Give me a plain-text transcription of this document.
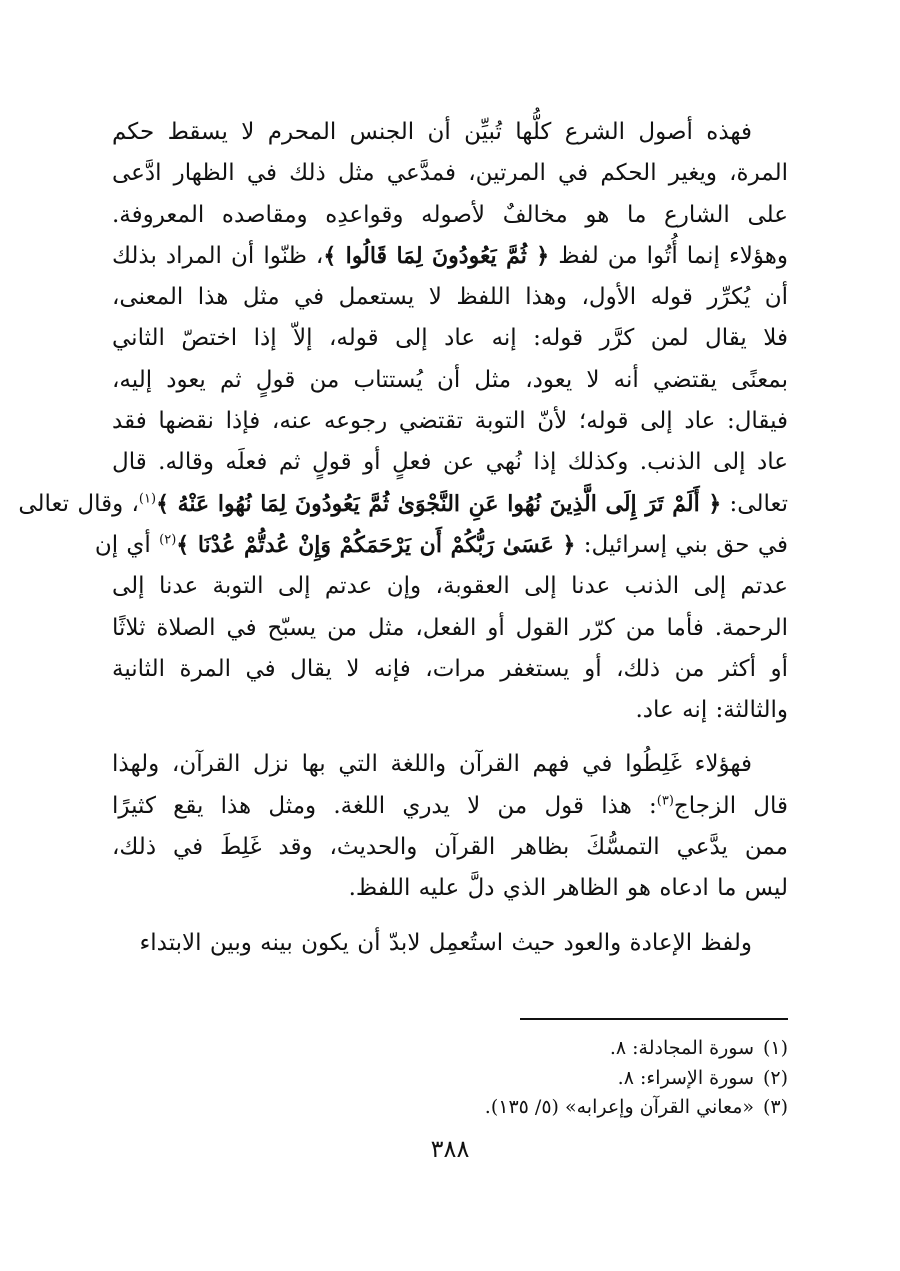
فهذه أصول الشرع كلُّها تُبيِّن أن الجنس المحرم لا يسقط حكم
المرة، ويغير الحكم في المرتين، فمدَّعي مثل ذلك في الظهار ادَّعى
على الشارع ما هو مخالفٌ لأصوله وقواعدِه ومقاصده المعروفة.
وهؤلاء إنما أُتُوا من لفظ ﴿ ثُمَّ يَعُودُونَ لِمَا قَالُوا ﴾، ظنّوا أن المراد بذلك
أن يُكرِّر قوله الأول، وهذا اللفظ لا يستعمل في مثل هذا المعنى،
فلا يقال لمن كرَّر قوله: إنه عاد إلى قوله، إلاّ إذا اختصّ الثاني
بمعنًى يقتضي أنه لا يعود، مثل أن يُستتاب من قولٍ ثم يعود إليه،
فيقال: عاد إلى قوله؛ لأنّ التوبة تقتضي رجوعه عنه، فإذا نقضها فقد
عاد إلى الذنب. وكذلك إذا نُهي عن فعلٍ أو قولٍ ثم فعلَه وقاله. قال
تعالى: ﴿ أَلَمْ تَرَ إِلَى الَّذِينَ نُهُوا عَنِ النَّجْوَىٰ ثُمَّ يَعُودُونَ لِمَا نُهُوا عَنْهُ ﴾$^{(١)}$، وقال تعالى
في حق بني إسرائيل: ﴿ عَسَىٰ رَبُّكُمْ أَن يَرْحَمَكُمْ وَإِنْ عُدتُّمْ عُدْنَا ﴾$^{(٢)}$ أي إن
عدتم إلى الذنب عدنا إلى العقوبة، وإن عدتم إلى التوبة عدنا إلى
الرحمة. فأما من كرّر القول أو الفعل، مثل من يسبّح في الصلاة ثلاثًا
أو أكثر من ذلك، أو يستغفر مرات، فإنه لا يقال في المرة الثانية
والثالثة: إنه عاد.

فهؤلاء غَلِطُوا في فهم القرآن واللغة التي بها نزل القرآن، ولهذا
قال الزجاج$^{(٣)}$: هذا قول من لا يدري اللغة. ومثل هذا يقع كثيرًا
ممن يدَّعي التمسُّكَ بظاهر القرآن والحديث، وقد غَلِطَ في ذلك،
ليس ما ادعاه هو الظاهر الذي دلَّ عليه اللفظ.

ولفظ الإعادة والعود حيث استُعمِل لابدّ أن يكون بينه وبين الابتداء

(١)سورة المجادلة: ٨.
(٢)سورة الإسراء: ٨.
(٣)«معاني القرآن وإعرابه» (٥/ ١٣٥).
٣٨٨
